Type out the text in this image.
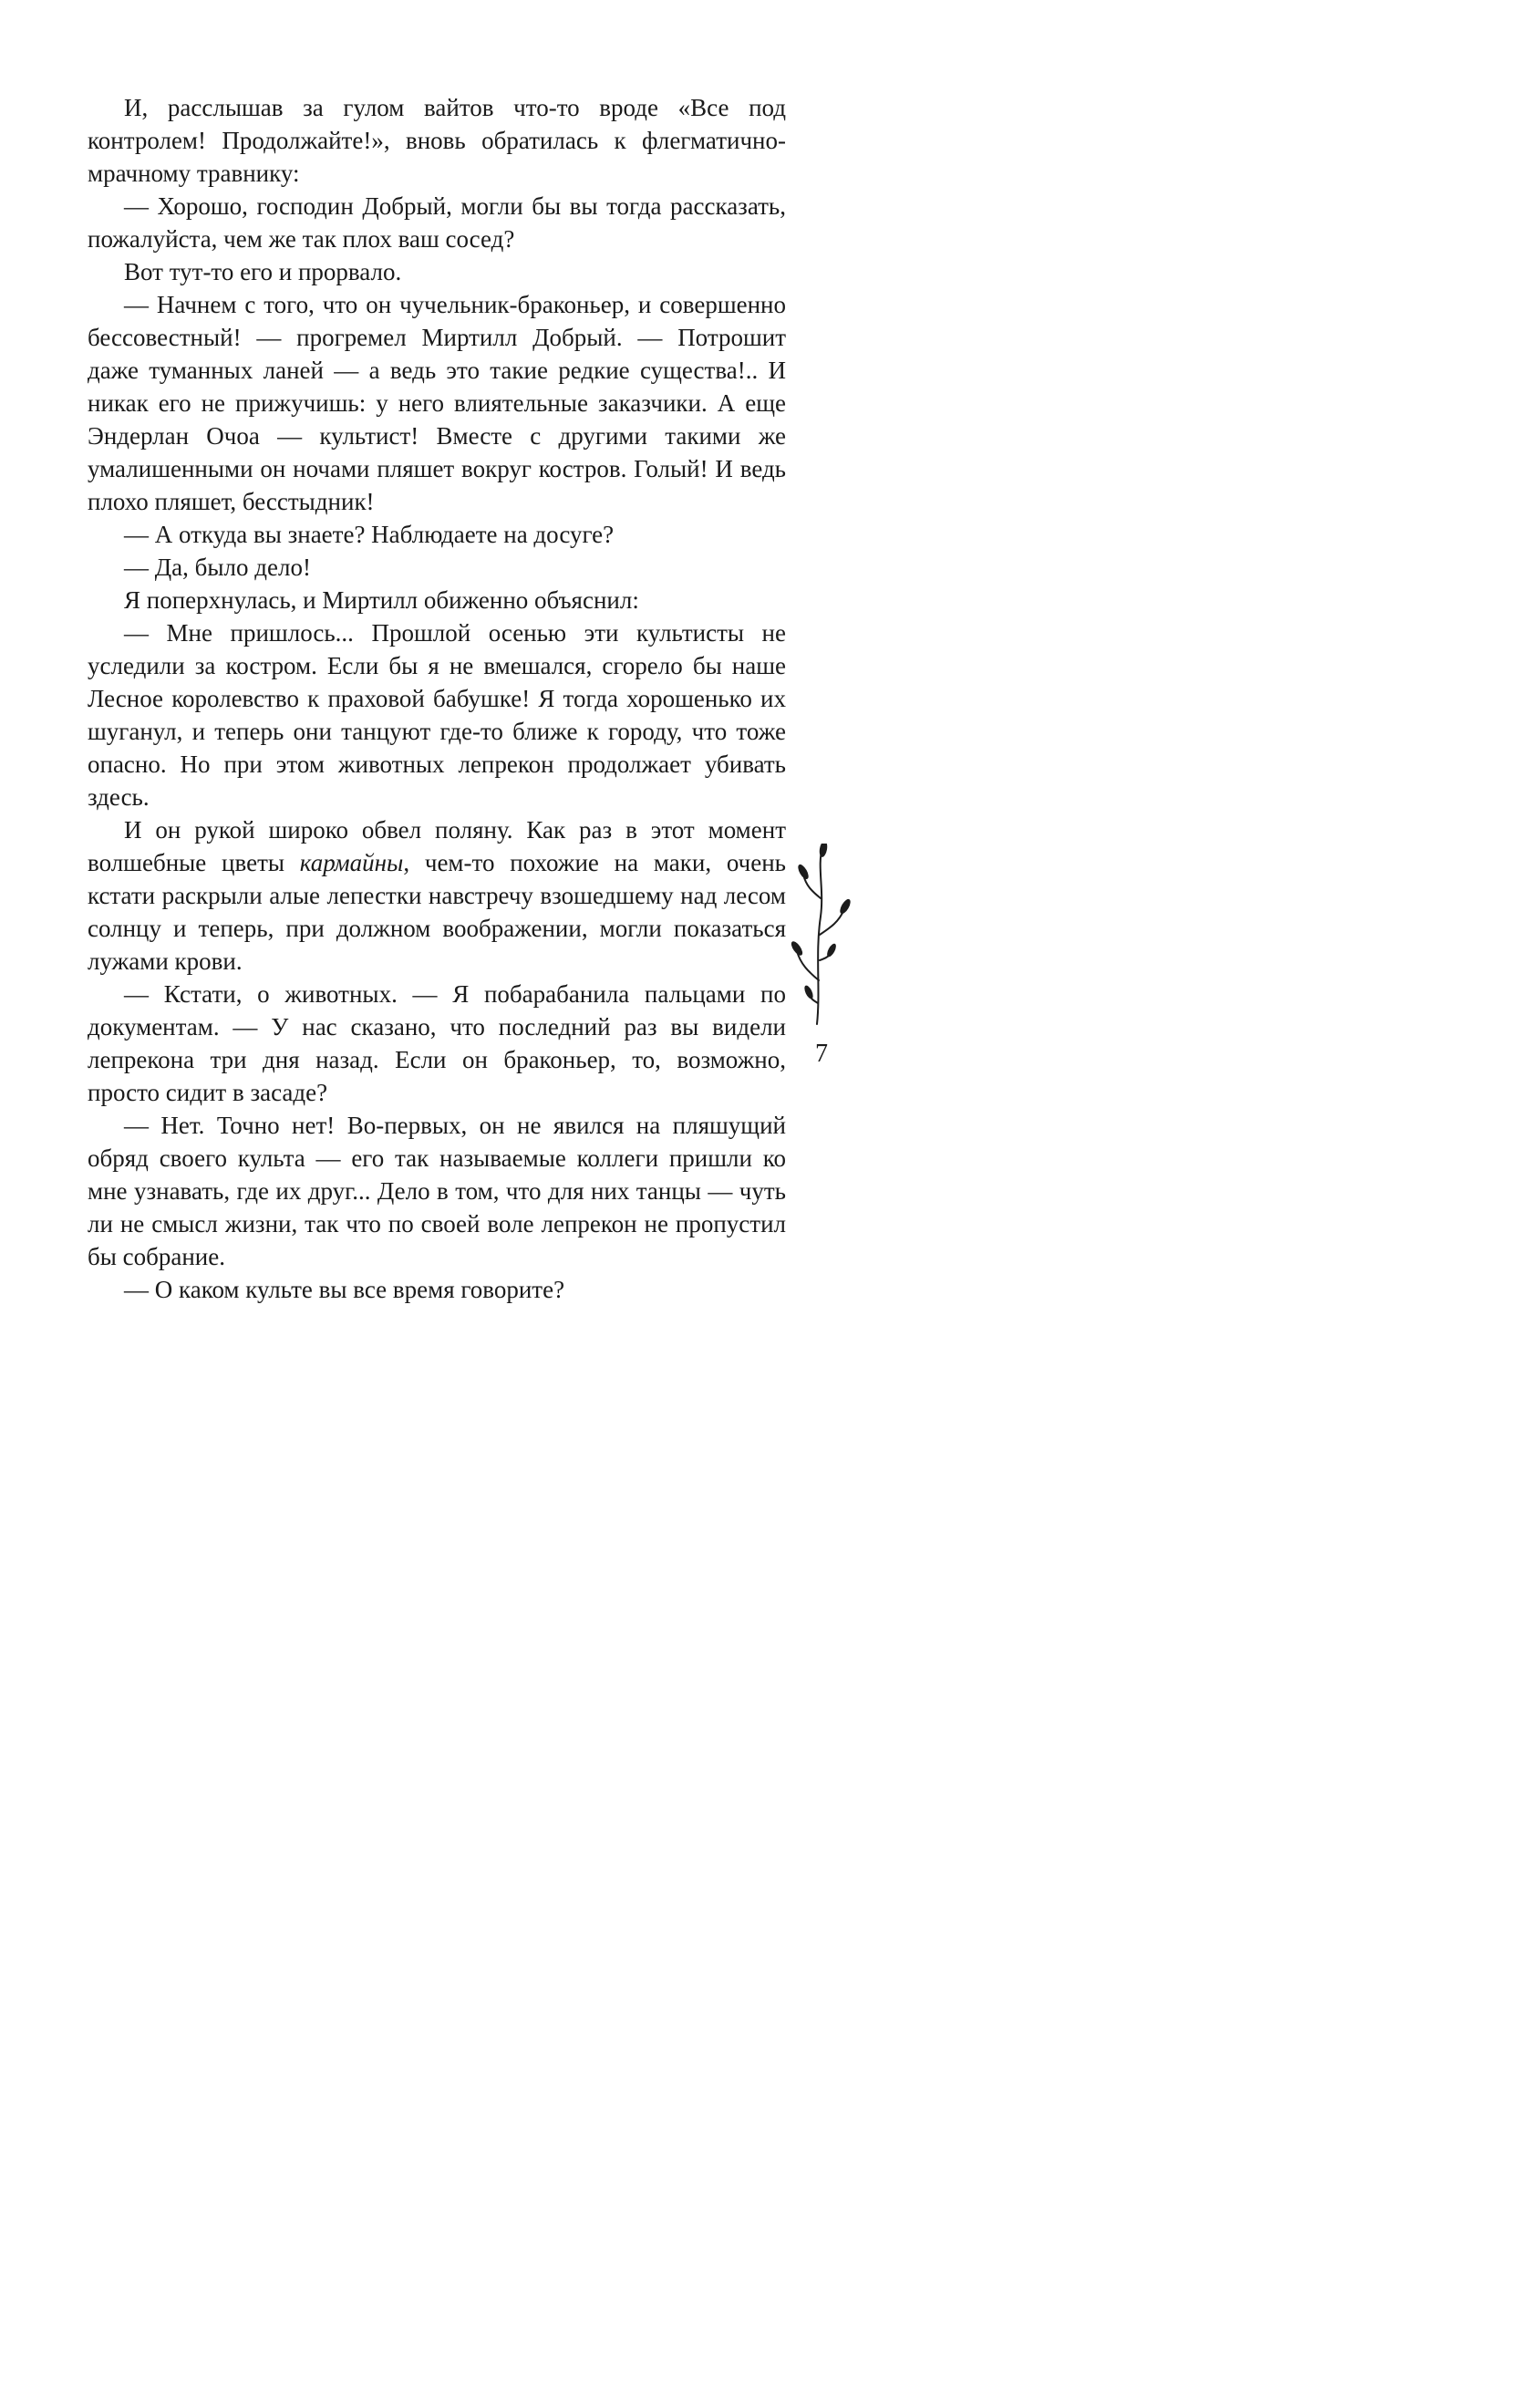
И, расслышав за гулом вайтов что-то вроде «Все под контролем! Продолжайте!», вновь обратилась к флегматично-мрачному травнику:

— Хорошо, господин Добрый, могли бы вы тогда рассказать, пожалуйста, чем же так плох ваш сосед?

Вот тут-то его и прорвало.

— Начнем с того, что он чучельник-браконьер, и совершенно бессовестный! — прогремел Миртилл Добрый. — Потрошит даже туманных ланей — а ведь это такие редкие существа!.. И никак его не прижучишь: у него влиятельные заказчики. А еще Эндерлан Очоа — культист! Вместе с другими такими же умалишенными он ночами пляшет вокруг костров. Голый! И ведь плохо пляшет, бесстыдник!

— А откуда вы знаете? Наблюдаете на досуге?

— Да, было дело!

Я поперхнулась, и Миртилл обиженно объяснил:

— Мне пришлось... Прошлой осенью эти культисты не уследили за костром. Если бы я не вмешался, сгорело бы наше Лесное королевство к праховой бабушке! Я тогда хорошенько их шуганул, и теперь они танцуют где-то ближе к городу, что тоже опасно. Но при этом животных лепрекон продолжает убивать здесь.

И он рукой широко обвел поляну. Как раз в этот момент волшебные цветы кармайны, чем-то похожие на маки, очень кстати раскрыли алые лепестки навстречу взошедшему над лесом солнцу и теперь, при должном воображении, могли показаться лужами крови.

— Кстати, о животных. — Я побарабанила пальцами по документам. — У нас сказано, что последний раз вы видели лепрекона три дня назад. Если он браконьер, то, возможно, просто сидит в засаде?

— Нет. Точно нет! Во-первых, он не явился на пляшущий обряд своего культа — его так называемые коллеги пришли ко мне узнавать, где их друг... Дело в том, что для них танцы — чуть ли не смысл жизни, так что по своей воле лепрекон не пропустил бы собрание.

— О каком культе вы все время говорите?

7
